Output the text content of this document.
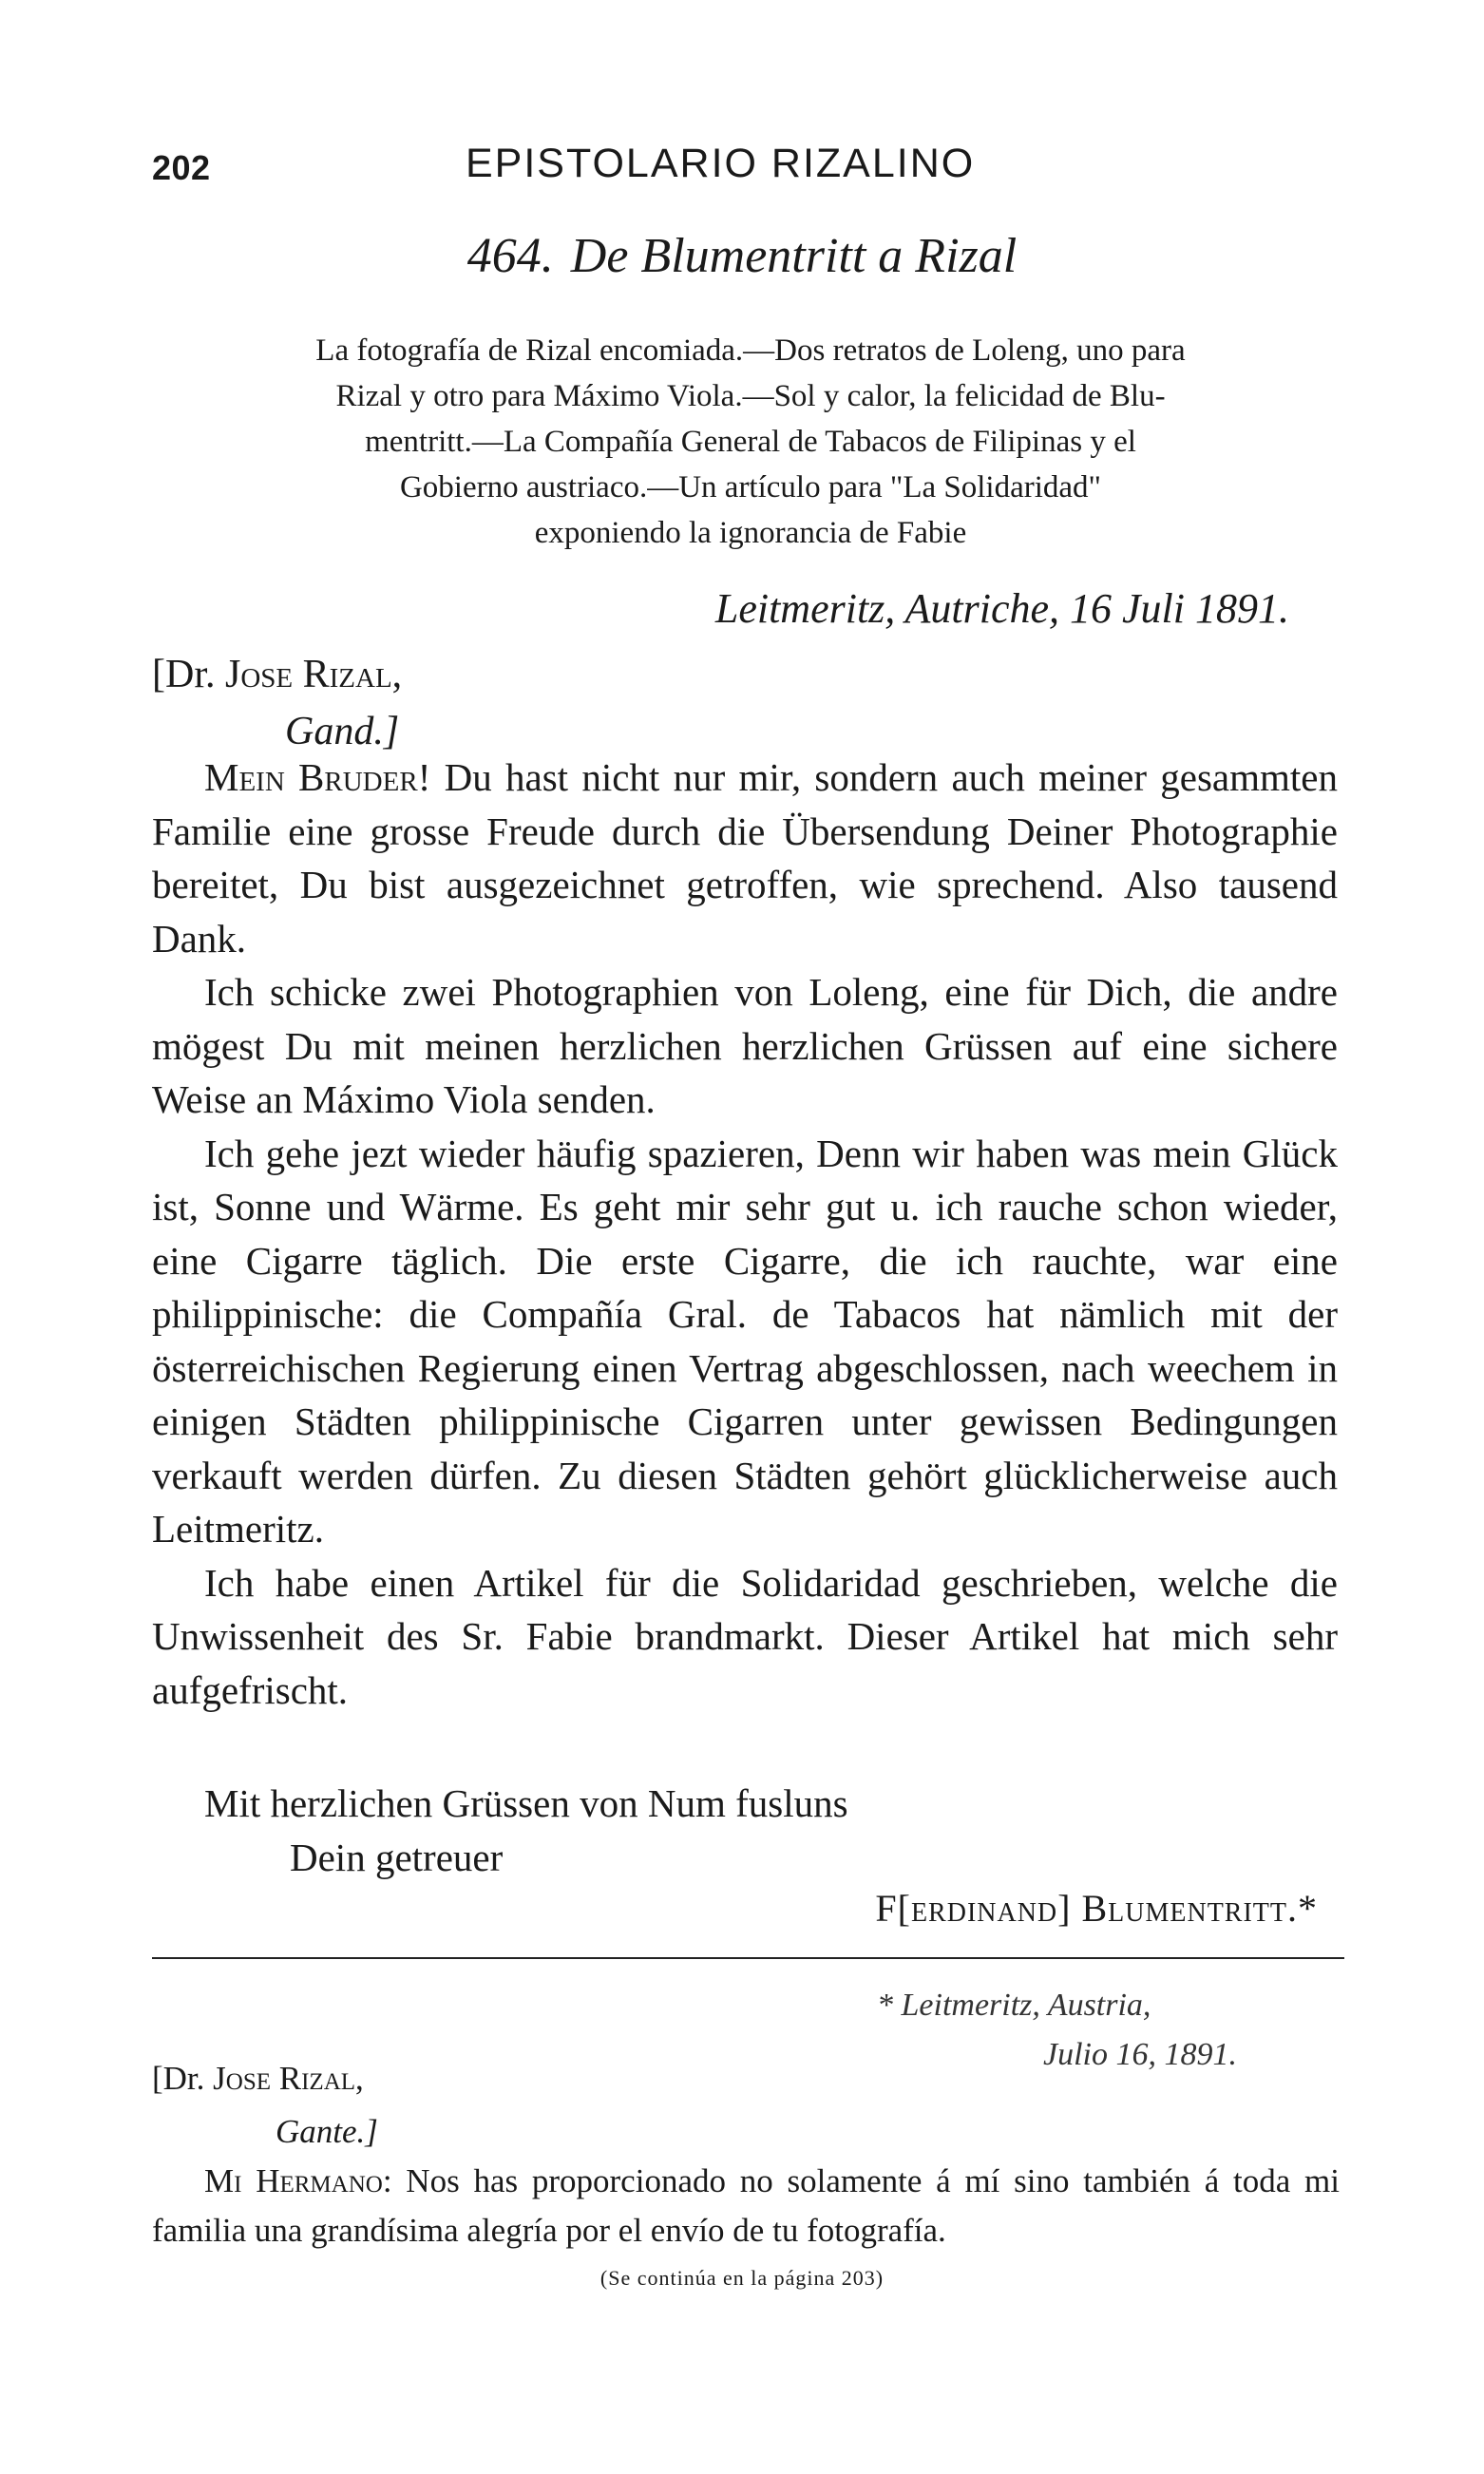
202	EPISTOLARIO RIZALINO
464. De Blumentritt a Rizal

La fotografía de Rizal encomiada.—Dos retratos de Loleng, uno para

Rizal y otro para Máximo Viola.—Sol y calor, la felicidad de Blu-

mentritt.—La Compañía General de Tabacos de Filipinas y el

Gobierno austriaco.—Un artículo para "La Solidaridad"

exponiendo la ignorancia de Fabie

Leitmeritz, Autriche, 16 Juli 1891.
[Dr. Jose Rizal,
Gand.]

Mein Bruder! Du hast nicht nur mir, sondern auch meiner gesammten Familie eine grosse Freude durch die Übersendung Deiner Photographie bereitet, Du bist ausgezeichnet getroffen, wie sprechend. Also tausend Dank.

Ich schicke zwei Photographien von Loleng, eine für Dich, die andre mögest Du mit meinen herzlichen herzlichen Grüssen auf eine sichere Weise an Máximo Viola senden.

Ich gehe jezt wieder häufig spazieren, Denn wir haben was mein Glück ist, Sonne und Wärme. Es geht mir sehr gut u. ich rauche schon wieder, eine Cigarre täglich. Die erste Cigarre, die ich rauchte, war eine philippinische: die Compañía Gral. de Tabacos hat nämlich mit der österreichischen Regierung einen Vertrag abgeschlossen, nach weechem in einigen Städten philippinische Cigarren unter gewissen Bedingungen verkauft werden dürfen. Zu diesen Städten gehört glücklicherweise auch Leitmeritz.

Ich habe einen Artikel für die Solidaridad geschrieben, welche die Unwissenheit des Sr. Fabie brandmarkt. Dieser Artikel hat mich sehr aufgefrischt.

Mit herzlichen Grüssen von Num fusluns
Dein getreuer
F[erdinand] Blumentritt.*
* Leitmeritz, Austria,
Julio 16, 1891.
[Dr. Jose Rizal,
Gante.]

Mi Hermano: Nos has proporcionado no solamente á mí sino también á toda mi familia una grandísima alegría por el envío de tu fotografía.

(Se continúa en la página 203)
